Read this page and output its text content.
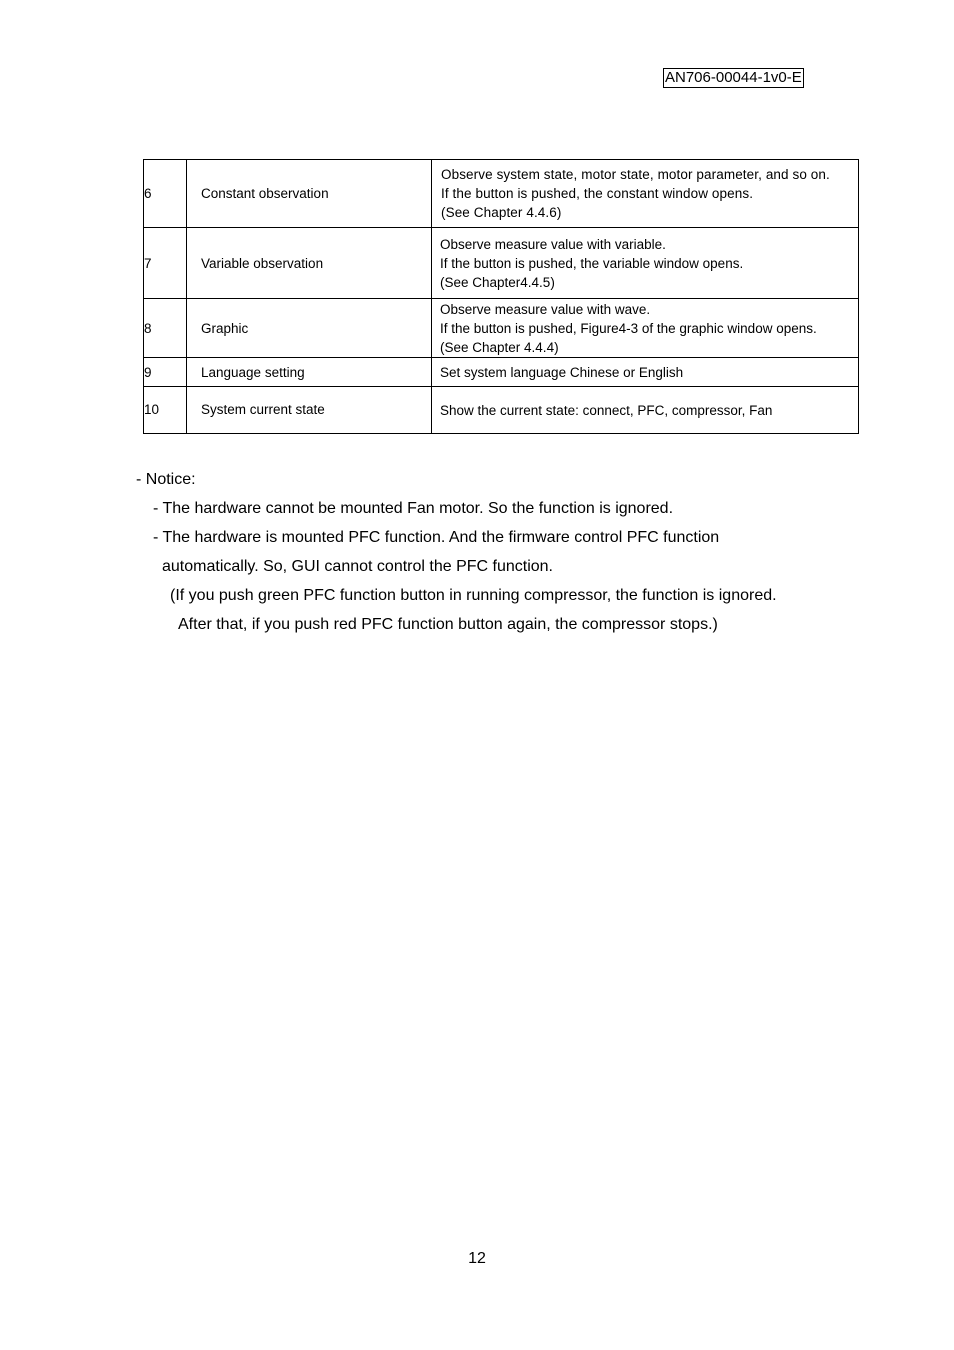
AN706-00044-1v0-E
6	Constant observation	Observe system state, motor state, motor parameter, and so on.
If the button is pushed, the constant window opens.
(See Chapter 4.4.6)

7	Variable observation	Observe measure value with variable.
If the button is pushed, the variable window opens.
(See Chapter4.4.5)

8	Graphic	Observe measure value with wave.
If the button is pushed, Figure4-3 of the graphic window opens.
(See Chapter 4.4.4)

9	Language setting	Set system language Chinese or English

10	System current state	Show the current state: connect, PFC, compressor, Fan
- Notice:
- The hardware cannot be mounted Fan motor. So the function is ignored.
- The hardware is mounted PFC function. And the firmware control PFC function
automatically. So, GUI cannot control the PFC function.
(If you push green PFC function button in running compressor, the function is ignored.
After that, if you push red PFC function button again, the compressor stops.)
12
